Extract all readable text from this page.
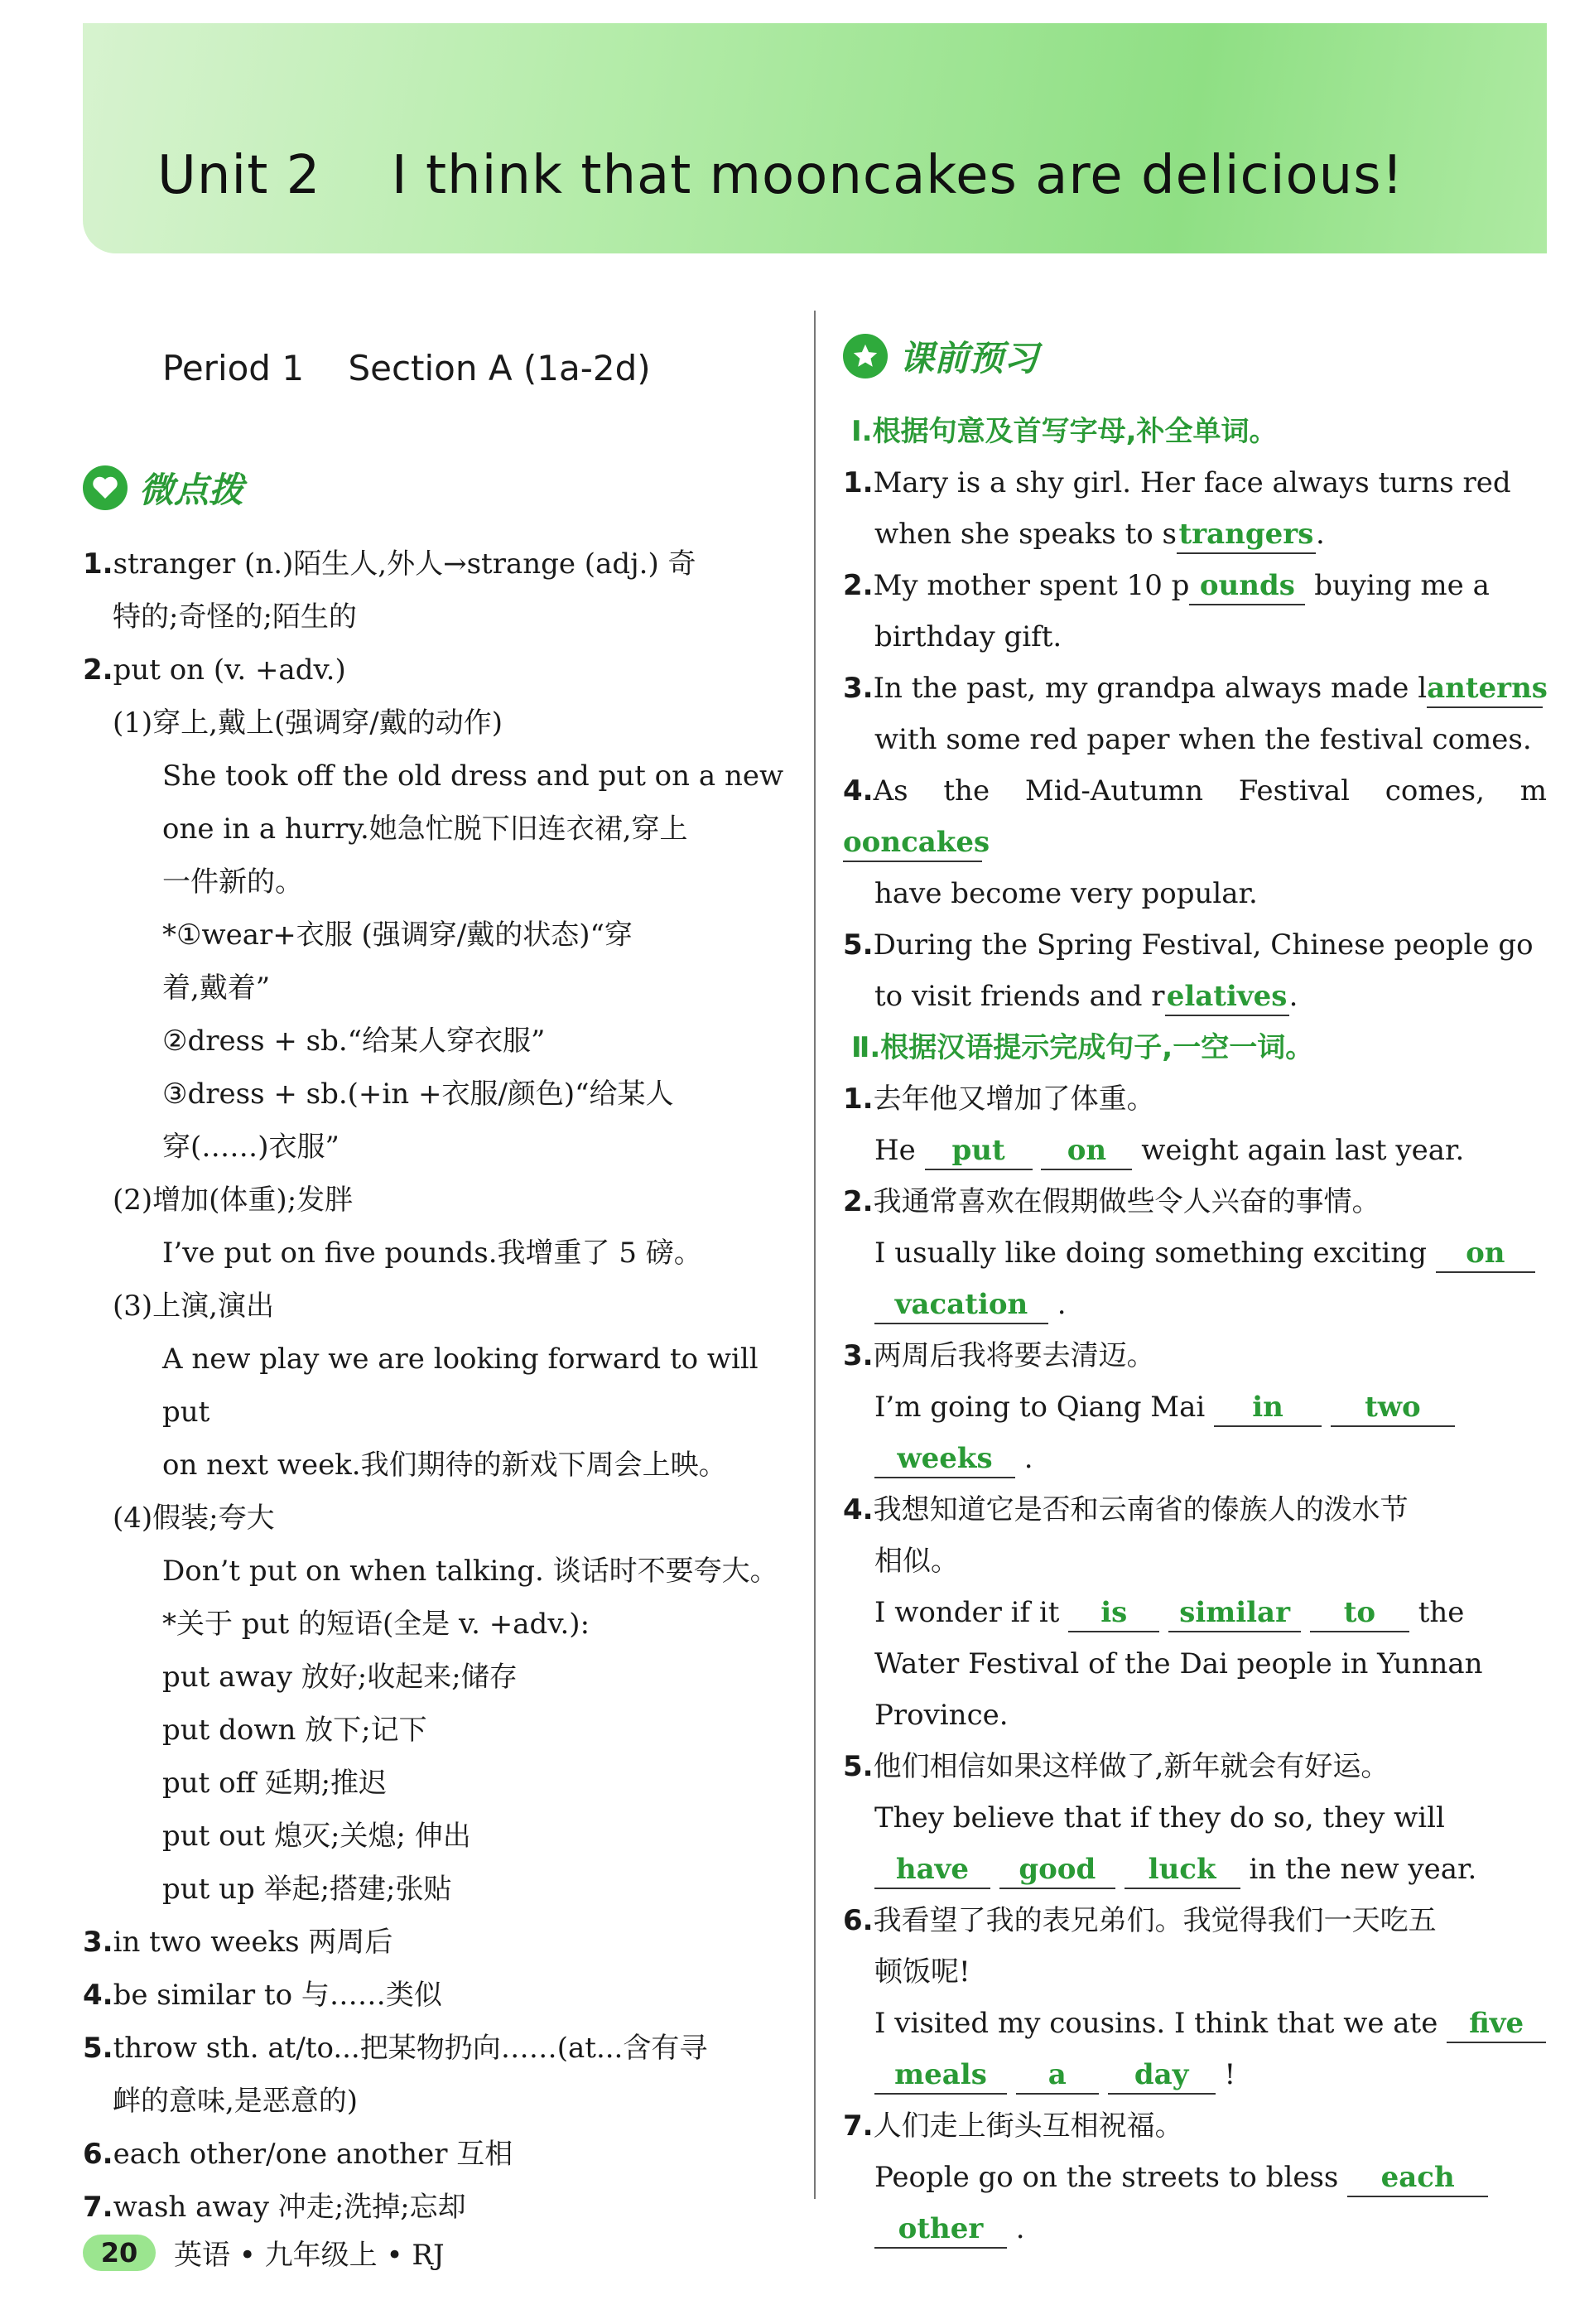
Unit 2    I think that mooncakes are delicious!
Period 1    Section A (1a-2d)
微点拨
1.stranger (n.)陌生人,外人→strange (adj.) 奇
特的;奇怪的;陌生的
2.put on (v. +adv.)
(1)穿上,戴上(强调穿/戴的动作)
She took off the old dress and put on a new
one in a hurry.她急忙脱下旧连衣裙,穿上
一件新的。
*①wear+衣服 (强调穿/戴的状态)“穿
着,戴着”
②dress + sb.“给某人穿衣服”
③dress + sb.(+in +衣服/颜色)“给某人
穿(……)衣服”
(2)增加(体重);发胖
I’ve put on five pounds.我增重了 5 磅。
(3)上演,演出
A new play we are looking forward to will put
on next week.我们期待的新戏下周会上映。
(4)假装;夸大
Don’t put on when talking. 谈话时不要夸大。
*关于 put 的短语(全是 v. +adv.):
put away 放好;收起来;储存
put down 放下;记下
put off 延期;推迟
put out 熄灭;关熄; 伸出
put up 举起;搭建;张贴
3.in two weeks 两周后
4.be similar to 与……类似
5.throw sth. at/to...把某物扔向……(at...含有寻
衅的意味,是恶意的)
6.each other/one another 互相
7.wash away 冲走;洗掉;忘却
课前预习
Ⅰ.根据句意及首写字母,补全单词。
1.Mary is a shy girl. Her face always turns red
when she speaks to strangers.
2.My mother spent 10 p ounds buying me a
birthday gift.
3.In the past, my grandpa always made lanterns
with some red paper when the festival comes.
4.As the Mid-Autumn Festival comes, mooncakes
have become very popular.
5.During the Spring Festival, Chinese people go
to visit friends and relatives.
Ⅱ.根据汉语提示完成句子,一空一词。
1.去年他又增加了体重。
He put on weight again last year.
2.我通常喜欢在假期做些令人兴奋的事情。
I usually like doing something exciting on
vacation .
3.两周后我将要去清迈。
I’m going to Qiang Mai in	two
weeks .
4.我想知道它是否和云南省的傣族人的泼水节
相似。
I wonder if it is similar to the
Water Festival of the Dai people in Yunnan
Province.
5.他们相信如果这样做了,新年就会有好运。
They believe that if they do so, they will
have good luck in the new year.
6.我看望了我的表兄弟们。我觉得我们一天吃五
顿饭呢!
I visited my cousins. I think that we ate five
meals a day !
7.人们走上街头互相祝福。
People go on the streets to bless each
other .
20	英语 • 九年级上 • RJ
